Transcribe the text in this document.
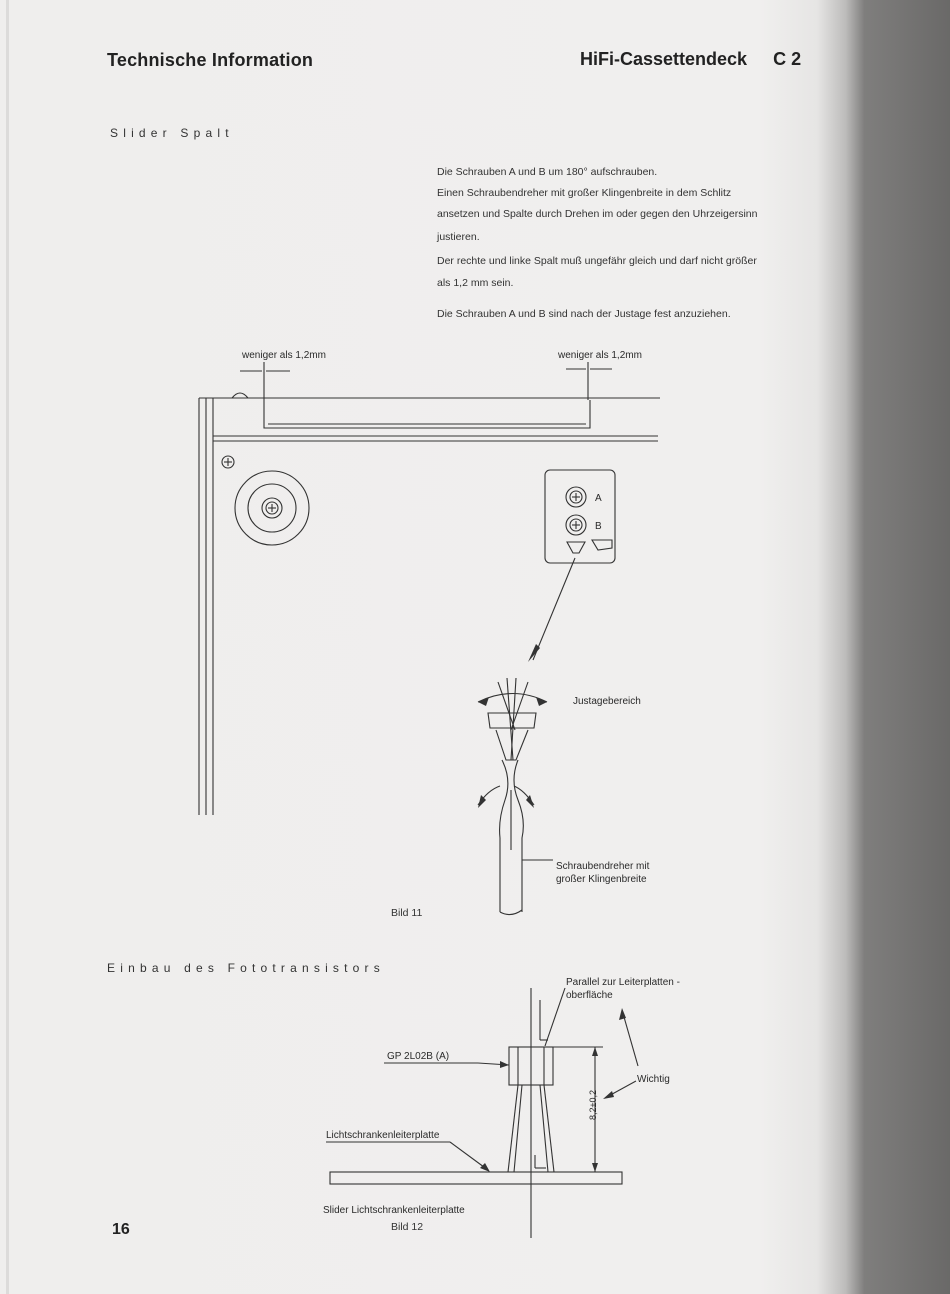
Technische Information	HiFi-Cassettendeck C 2
Slider Spalt
Die Schrauben A und B um 180° aufschrauben.
Einen Schraubendreher mit großer Klingenbreite in dem Schlitz
ansetzen und Spalte durch Drehen im oder gegen den Uhrzeigersinn
justieren.
Der rechte und linke Spalt muß ungefähr gleich und darf nicht größer
als 1,2 mm sein.
Die Schrauben A und B sind nach der Justage fest anzuziehen.
weniger als 1,2mm	weniger als 1,2mm
A
B
Justagebereich
Schraubendreher mit
großer Klingenbreite
Bild 11
Einbau des Fototransistors
Parallel zur Leiterplatten -
oberfläche
GP 2L02B (A)
Wichtig
8,2±0,2
Lichtschrankenleiterplatte
Slider Lichtschrankenleiterplatte
Bild 12
16
